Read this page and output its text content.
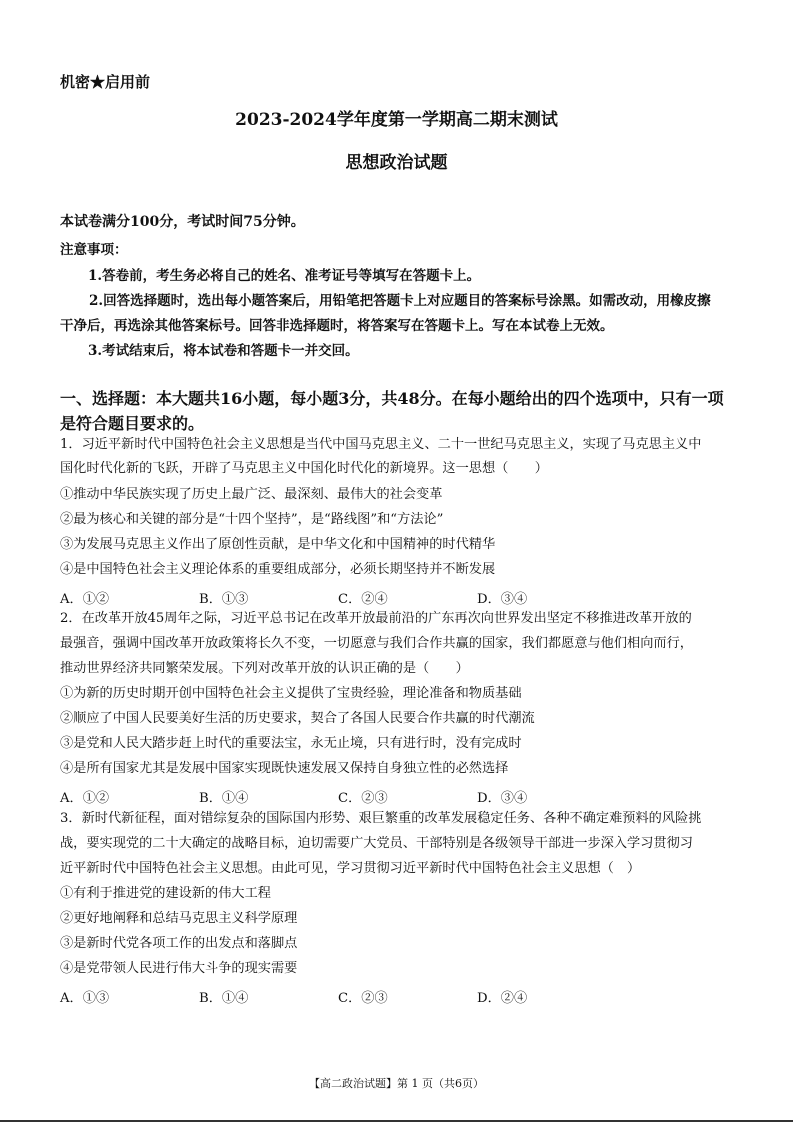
机密★启用前
2023-2024学年度第一学期高二期末测试
思想政治试题
本试卷满分100分，考试时间75分钟。
注意事项：
1.答卷前，考生务必将自己的姓名、准考证号等填写在答题卡上。
2.回答选择题时，选出每小题答案后，用铅笔把答题卡上对应题目的答案标号涂黑。如需改动，用橡皮擦
干净后，再选涂其他答案标号。回答非选择题时，将答案写在答题卡上。写在本试卷上无效。
3.考试结束后，将本试卷和答题卡一并交回。
一、选择题：本大题共16小题，每小题3分，共48分。在每小题给出的四个选项中，只有一项
是符合题目要求的。
1．习近平新时代中国特色社会主义思想是当代中国马克思主义、二十一世纪马克思主义，实现了马克思主义中
国化时代化新的飞跃，开辟了马克思主义中国化时代化的新境界。这一思想（　　）
①推动中华民族实现了历史上最广泛、最深刻、最伟大的社会变革
②最为核心和关键的部分是“十四个坚持”，是“路线图”和“方法论”
③为发展马克思主义作出了原创性贡献，是中华文化和中国精神的时代精华
④是中国特色社会主义理论体系的重要组成部分，必须长期坚持并不断发展
A．①②	B．①③	C．②④	D．③④
2．在改革开放45周年之际，习近平总书记在改革开放最前沿的广东再次向世界发出坚定不移推进改革开放的
最强音，强调中国改革开放政策将长久不变，一切愿意与我们合作共赢的国家，我们都愿意与他们相向而行，
推动世界经济共同繁荣发展。下列对改革开放的认识正确的是（　　）
①为新的历史时期开创中国特色社会主义提供了宝贵经验，理论准备和物质基础
②顺应了中国人民要美好生活的历史要求，契合了各国人民要合作共赢的时代潮流
③是党和人民大踏步赶上时代的重要法宝，永无止境，只有进行时，没有完成时
④是所有国家尤其是发展中国家实现既快速发展又保持自身独立性的必然选择
A．①②	B．①④	C．②③	D．③④
3．新时代新征程，面对错综复杂的国际国内形势、艰巨繁重的改革发展稳定任务、各种不确定难预料的风险挑
战，要实现党的二十大确定的战略目标，迫切需要广大党员、干部特别是各级领导干部进一步深入学习贯彻习
近平新时代中国特色社会主义思想。由此可见，学习贯彻习近平新时代中国特色社会主义思想（　）
①有利于推进党的建设新的伟大工程
②更好地阐释和总结马克思主义科学原理
③是新时代党各项工作的出发点和落脚点
④是党带领人民进行伟大斗争的现实需要
A．①③	B．①④	C．②③	D．②④
【高二政治试题】第 1 页（共6页）
